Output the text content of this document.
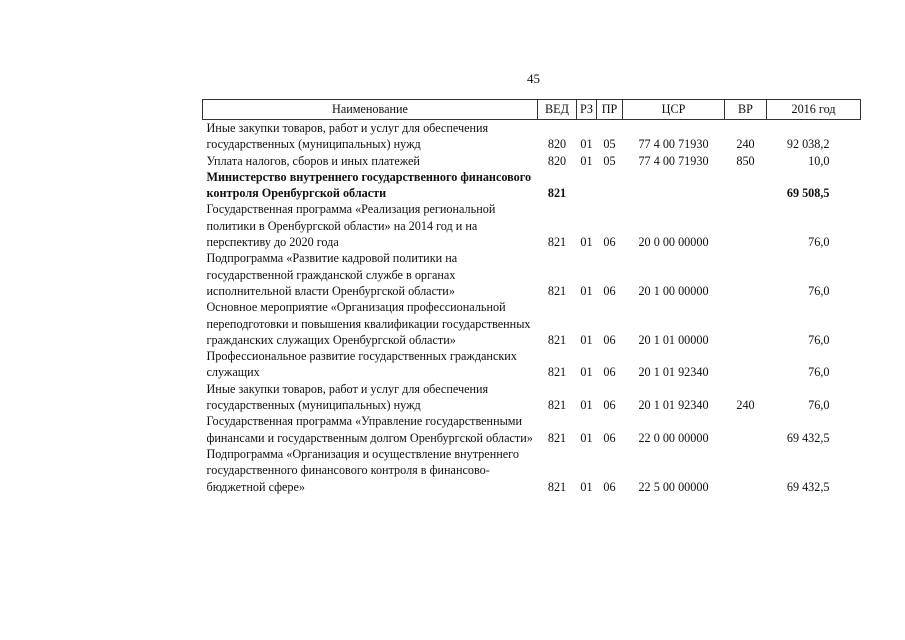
45
Наименование	ВЕД	РЗ	ПР	ЦСР	ВР	2016 год
Иные закупки товаров, работ и услуг для обеспечения государственных (муниципальных) нужд	820	01	05	77 4 00 71930	240	92 038,2
Уплата налогов, сборов и иных платежей	820	01	05	77 4 00 71930	850	10,0
Министерство внутреннего государственного финансового контроля Оренбургской области	821					69 508,5
Государственная программа «Реализация региональной политики в Оренбургской области» на 2014 год и на перспективу до 2020 года	821	01	06	20 0 00 00000		76,0
Подпрограмма «Развитие кадровой политики на государственной гражданской службе в органах исполнительной власти Оренбургской области»	821	01	06	20 1 00 00000		76,0
Основное мероприятие «Организация профессиональной переподготовки и повышения квалификации государственных гражданских служащих Оренбургской области»	821	01	06	20 1 01 00000		76,0
Профессиональное развитие государственных гражданских служащих	821	01	06	20 1 01 92340		76,0
Иные закупки товаров, работ и услуг для обеспечения государственных (муниципальных) нужд	821	01	06	20 1 01 92340	240	76,0
Государственная программа «Управление государственными финансами и государственным долгом Оренбургской области»	821	01	06	22 0 00 00000		69 432,5
Подпрограмма «Организация и осуществление внутреннего государственного финансового контроля в финансово-бюджетной сфере»	821	01	06	22 5 00 00000		69 432,5
